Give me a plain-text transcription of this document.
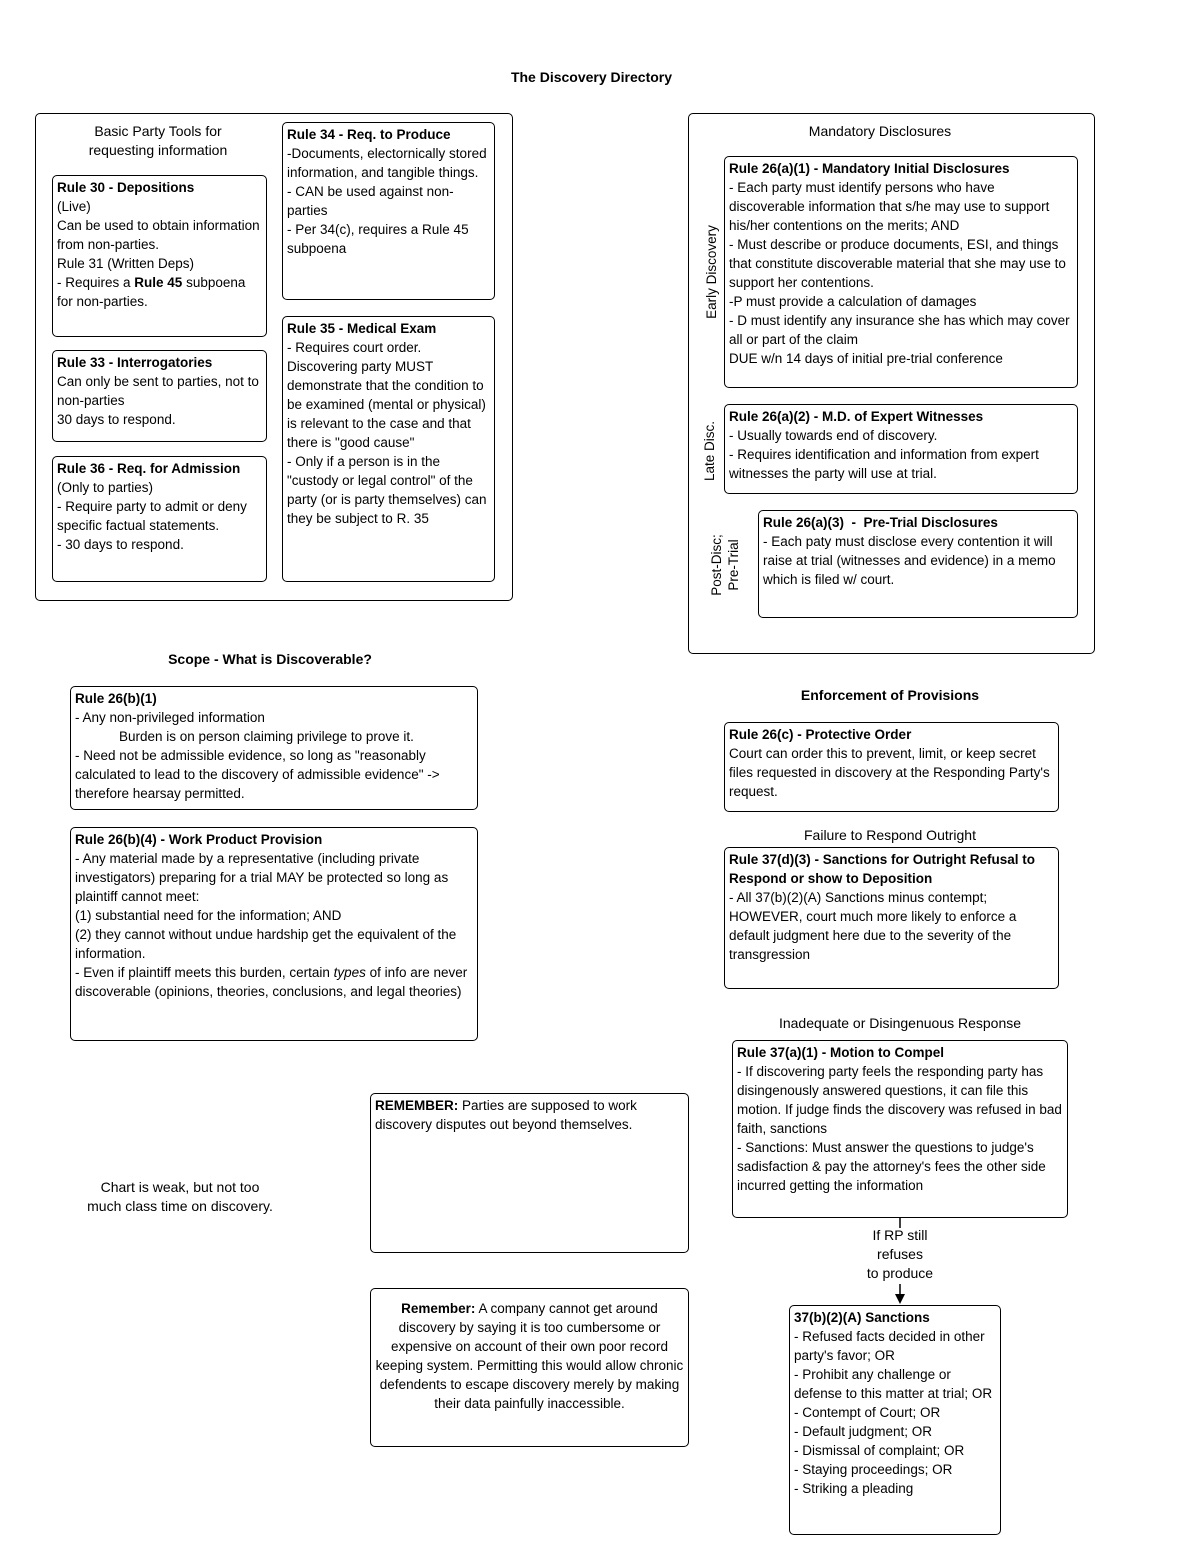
The Discovery Directory
Basic Party Tools for
requesting information
Rule 30 - Depositions
(Live)
Can be used to obtain information from non-parties.
Rule 31 (Written Deps)
- Requires a Rule 45 subpoena for non-parties.
Rule 33 - Interrogatories
Can only be sent to parties, not to non-parties
30 days to respond.
Rule 36 - Req. for Admission (Only to parties)
- Require party to admit or deny specific factual statements.
- 30 days to respond.
Rule 34 - Req. to Produce
-Documents, electornically stored information, and tangible things.
- CAN be used against non-parties
- Per 34(c), requires a Rule 45 subpoena
Rule 35 - Medical Exam
- Requires court order.
Discovering party MUST demonstrate that the condition to be examined (mental or physical) is relevant to the case and that there is "good cause"
- Only if a person is in the "custody or legal control" of the party (or is party themselves) can they be subject to R. 35
Mandatory Disclosures
Early Discovery
Rule 26(a)(1) - Mandatory Initial Disclosures
- Each party must identify persons who have discoverable information that s/he may use to support his/her contentions on the merits; AND
- Must describe or produce documents, ESI, and things that constitute discoverable material that she may use to support her contentions.
-P must provide a calculation of damages
- D must identify any insurance she has which may cover all or part of the claim
DUE w/n 14 days of initial pre-trial conference
Late Disc.
Rule 26(a)(2) - M.D. of Expert Witnesses
- Usually towards end of discovery.
- Requires identification and information from expert witnesses the party will use at trial.
Post-Disc;
Pre-Trial
Rule 26(a)(3)  -  Pre-Trial Disclosures
- Each paty must disclose every contention it will raise at trial (witnesses and evidence) in a memo which is filed w/ court.
Scope - What is Discoverable?
Rule 26(b)(1)
- Any non-privileged information
Burden is on person claiming privilege to prove it.
- Need not be admissible evidence, so long as "reasonably calculated to lead to the discovery of admissible evidence" -> therefore hearsay permitted.
Rule 26(b)(4) - Work Product Provision
- Any material made by a representative (including private investigators) preparing for a trial MAY be protected so long as plaintiff cannot meet:
(1) substantial need for the information; AND
(2) they cannot without undue hardship get the equivalent of the information.
- Even if plaintiff meets this burden, certain types of info are never discoverable (opinions, theories, conclusions, and legal theories)
Chart is weak, but not too
much class time on discovery.
REMEMBER: Parties are supposed to work discovery disputes out beyond themselves.
Remember: A company cannot get around discovery by saying it is too cumbersome or expensive on account of their own poor record keeping system. Permitting this would allow chronic defendents to escape discovery merely by making their data painfully inaccessible.
Enforcement of Provisions
Rule 26(c) - Protective Order
Court can order this to prevent, limit, or keep secret files requested in discovery at the Responding Party's request.
Failure to Respond Outright
Rule 37(d)(3) - Sanctions for Outright Refusal to Respond or show to Deposition
- All 37(b)(2)(A) Sanctions minus contempt; HOWEVER, court much more likely to enforce a default judgment here due to the severity of the transgression
Inadequate or Disingenuous Response
Rule 37(a)(1) - Motion to Compel
- If discovering party feels the responding party has disingenously answered questions, it can file this motion. If judge finds the discovery was refused in bad faith, sanctions
- Sanctions: Must answer the questions to judge's sadisfaction & pay the attorney's fees the other side incurred getting the information
If RP still
refuses
to produce
37(b)(2)(A) Sanctions
- Refused facts decided in other party's favor; OR
- Prohibit any challenge or defense to this matter at trial; OR
- Contempt of Court; OR
- Default judgment; OR
- Dismissal of complaint; OR
- Staying proceedings; OR
- Striking a pleading
